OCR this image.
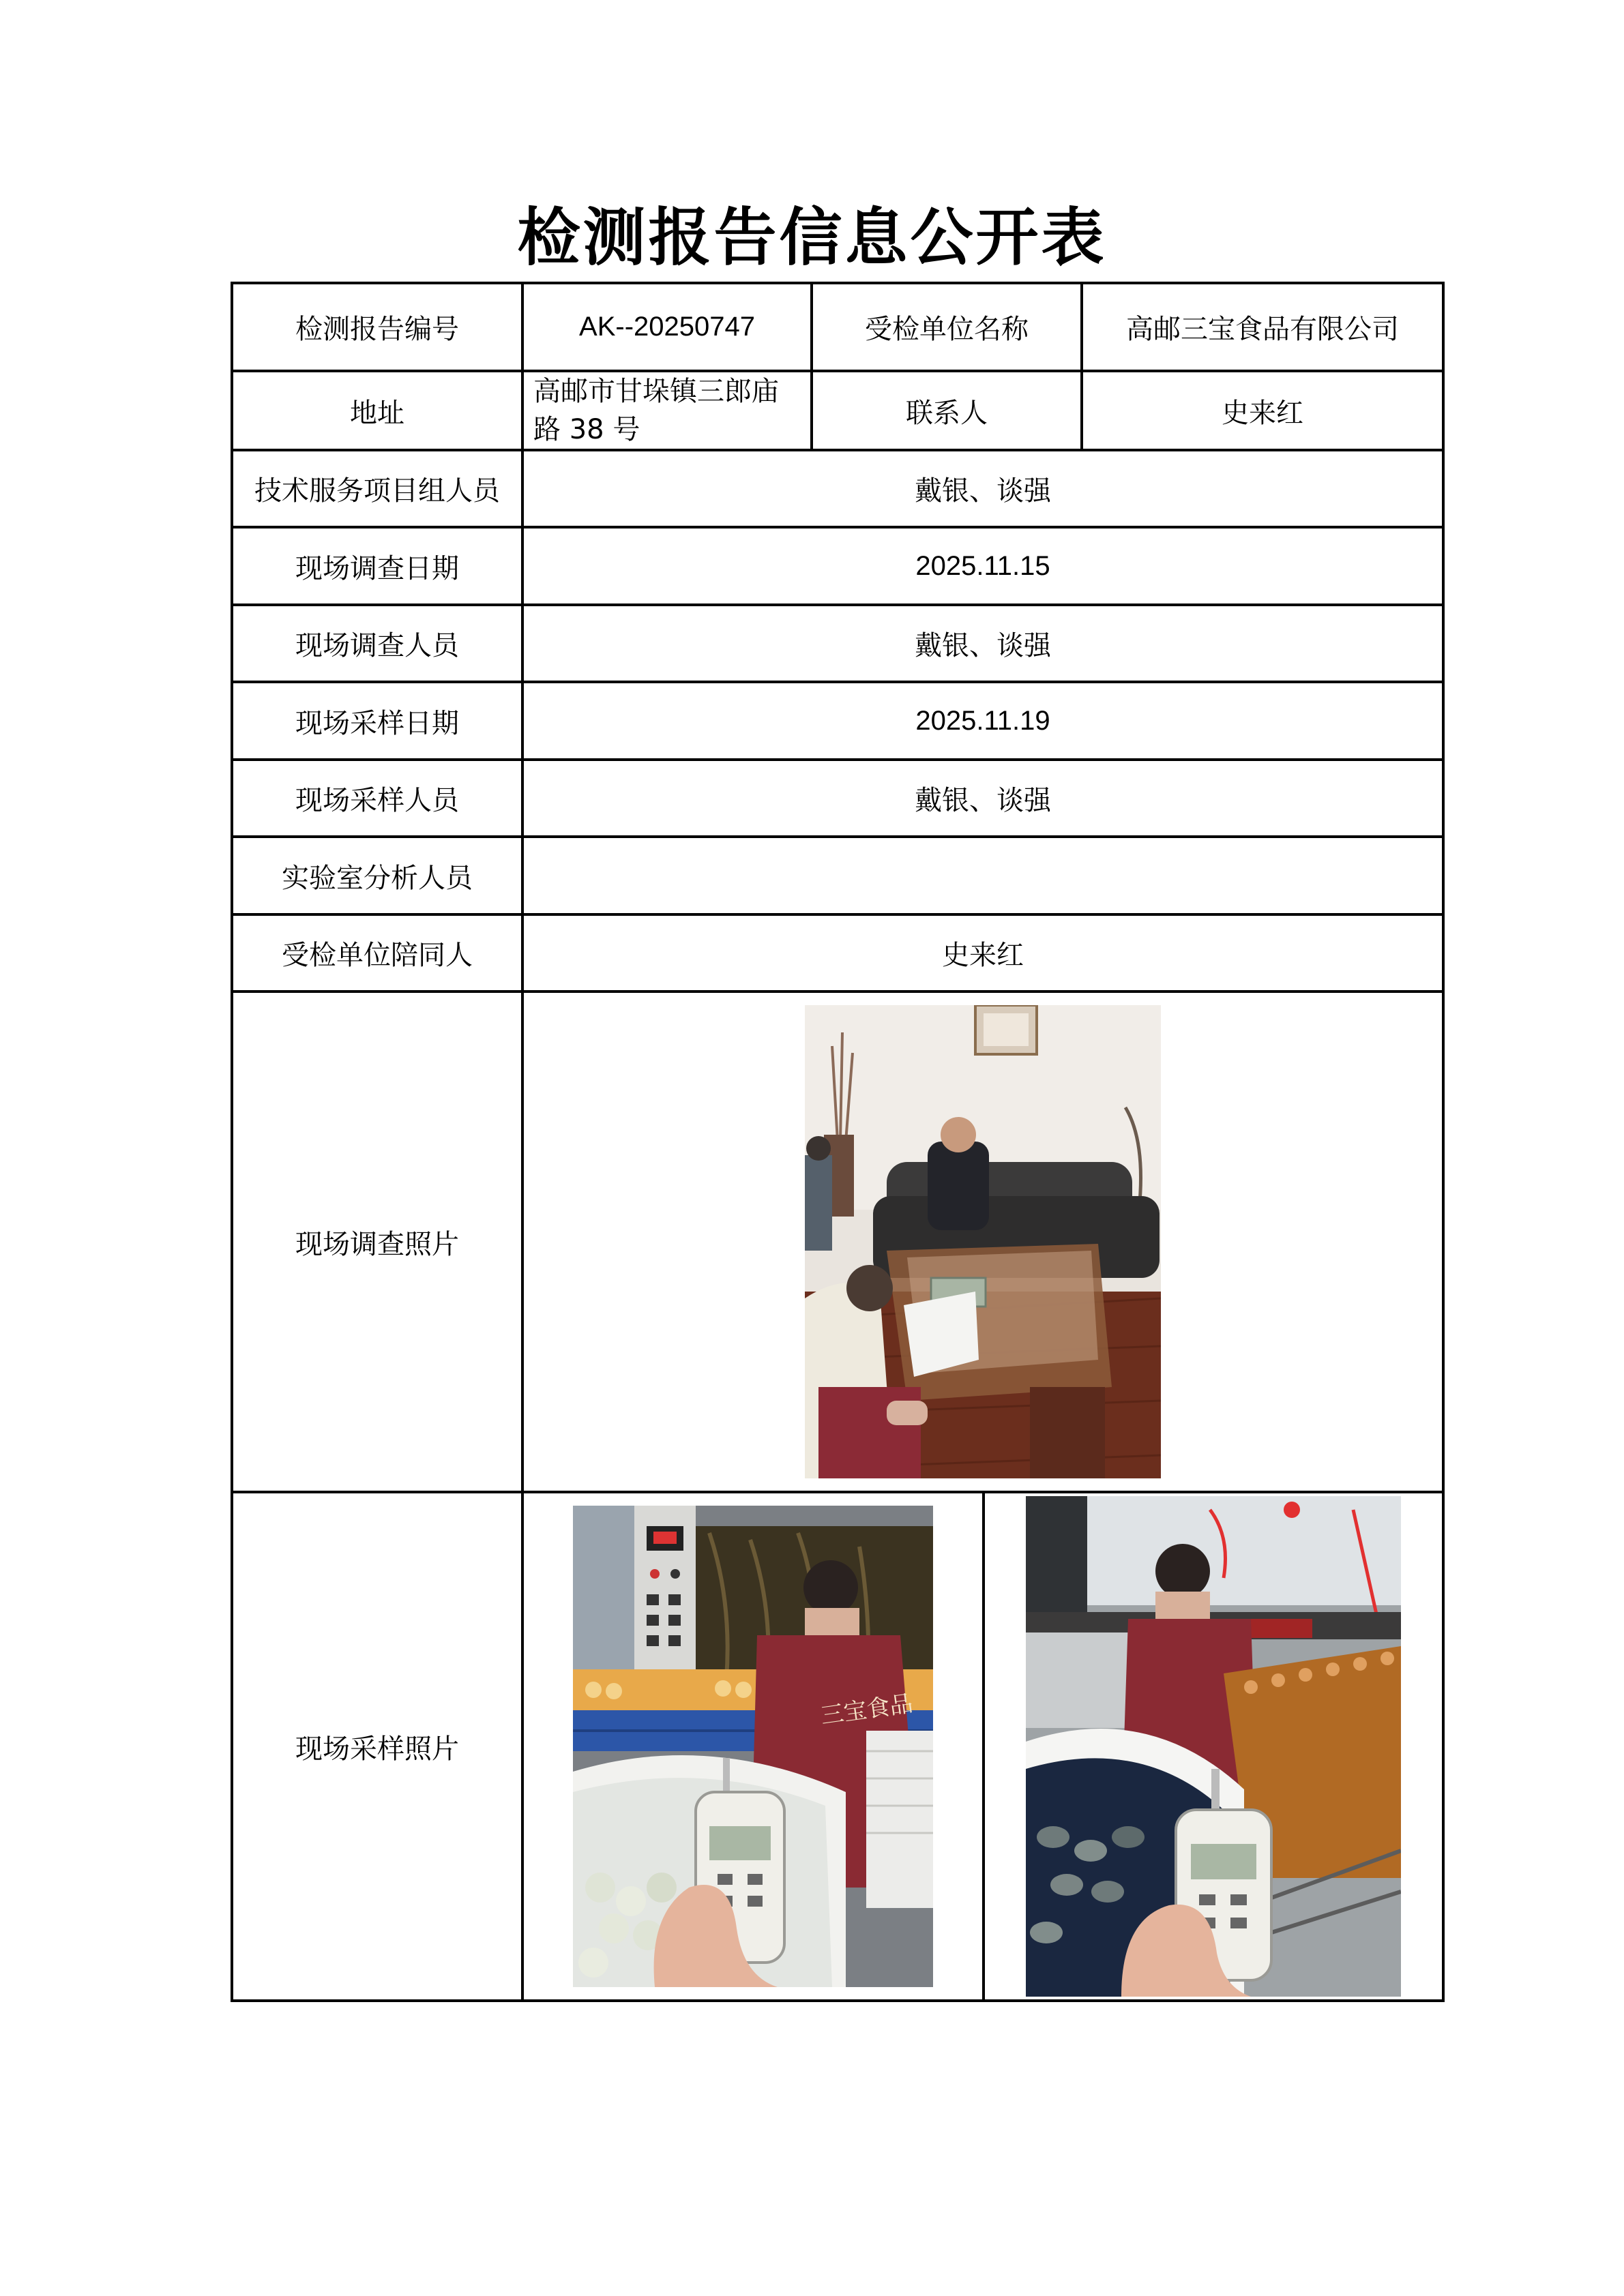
检测报告信息公开表
检测报告编号	AK--20250747	受检单位名称	高邮三宝食品有限公司
地址	高邮市甘垛镇三郎庙路 38 号	联系人	史来红
技术服务项目组人员	戴银、谈强		
现场调查日期	2025.11.15		
现场调查人员	戴银、谈强		
现场采样日期	2025.11.19		
现场采样人员	戴银、谈强		
实验室分析人员			
受检单位陪同人	史来红		
现场调查照片	

现场采样照片	三宝食品		
